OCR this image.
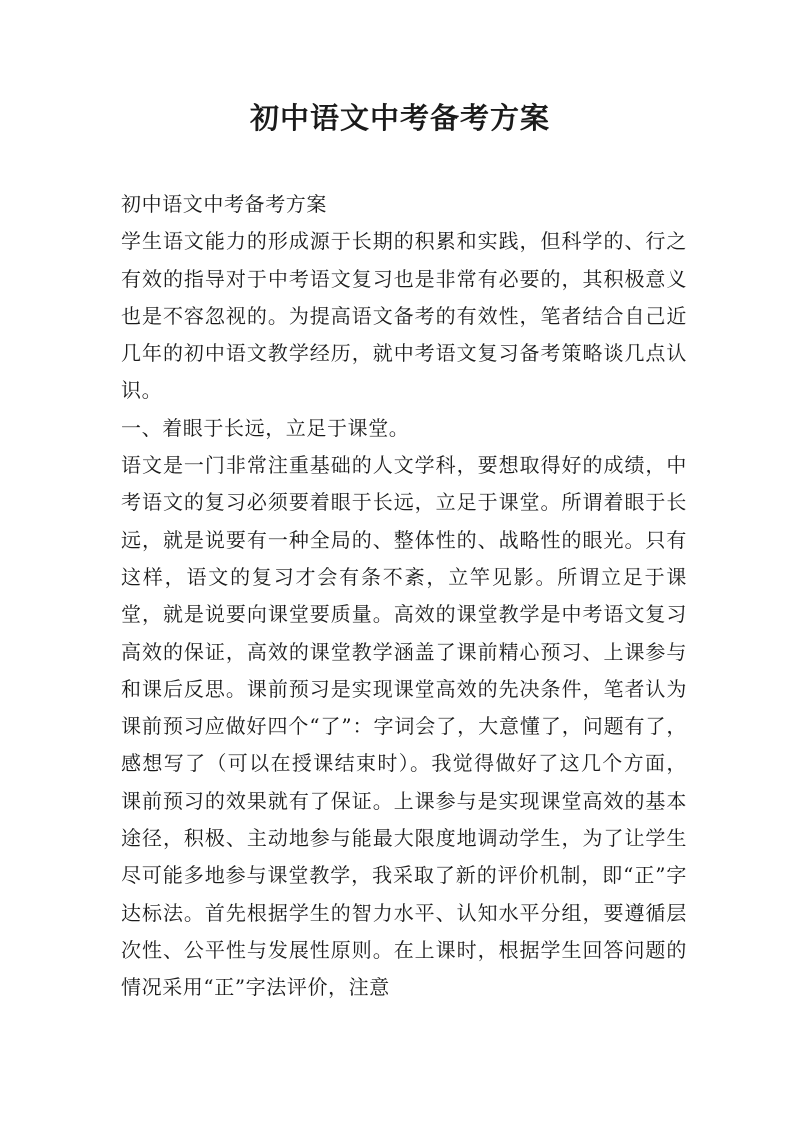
初中语文中考备考方案

初中语文中考备考方案

学生语文能力的形成源于长期的积累和实践，但科学的、行之有效的指导对于中考语文复习也是非常有必要的，其积极意义也是不容忽视的。为提高语文备考的有效性，笔者结合自己近几年的初中语文教学经历，就中考语文复习备考策略谈几点认识。

一、着眼于长远，立足于课堂。

语文是一门非常注重基础的人文学科，要想取得好的成绩，中考语文的复习必须要着眼于长远，立足于课堂。所谓着眼于长远，就是说要有一种全局的、整体性的、战略性的眼光。只有这样，语文的复习才会有条不紊，立竿见影。所谓立足于课堂，就是说要向课堂要质量。高效的课堂教学是中考语文复习高效的保证，高效的课堂教学涵盖了课前精心预习、上课参与和课后反思。课前预习是实现课堂高效的先决条件，笔者认为课前预习应做好四个“了”：字词会了，大意懂了，问题有了，感想写了（可以在授课结束时）。我觉得做好了这几个方面，课前预习的效果就有了保证。上课参与是实现课堂高效的基本途径，积极、主动地参与能最大限度地调动学生，为了让学生尽可能多地参与课堂教学，我采取了新的评价机制，即“正”字达标法。首先根据学生的智力水平、认知水平分组，要遵循层次性、公平性与发展性原则。在上课时，根据学生回答问题的情况采用“正”字法评价，注意
